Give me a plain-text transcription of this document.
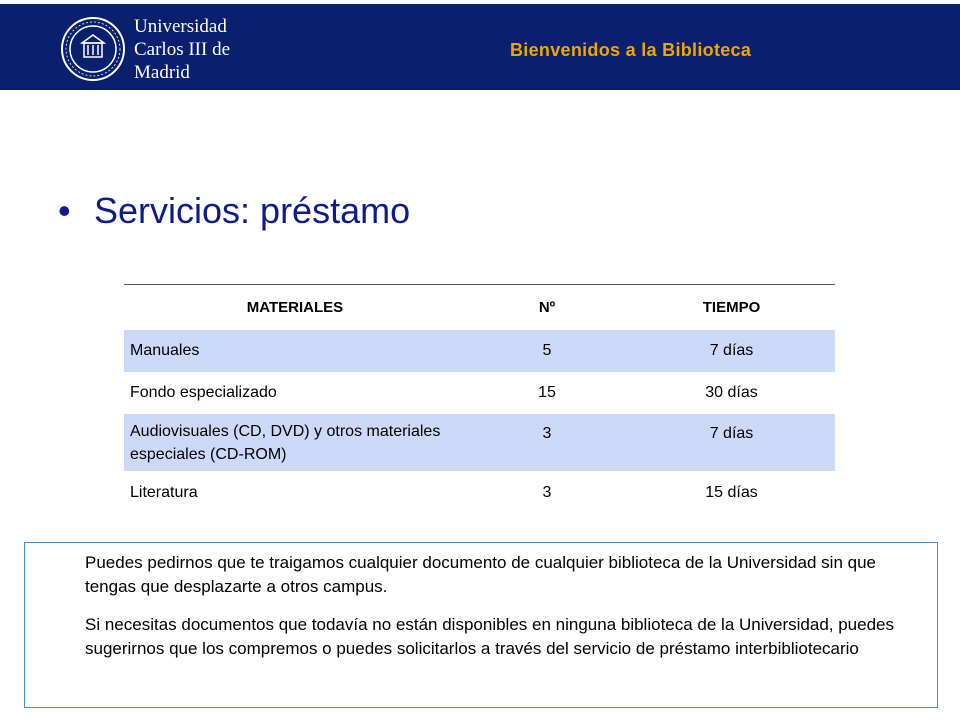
Universidad
Carlos III de Madrid
Bienvenidos a la Biblioteca
• Servicios: préstamo
MATERIALES	Nº	TIEMPO
Manuales	5	7 días
Fondo especializado	15	30 días
Audiovisuales (CD, DVD) y otros materiales especiales (CD-ROM)	3	7 días
Literatura	3	15 días

Puedes pedirnos que te traigamos cualquier documento de cualquier biblioteca de la Universidad sin que tengas que desplazarte a otros campus.

Si necesitas documentos que todavía no están disponibles en ninguna biblioteca de la Universidad, puedes sugerirnos que los compremos o puedes solicitarlos a través del servicio de préstamo interbibliotecario
